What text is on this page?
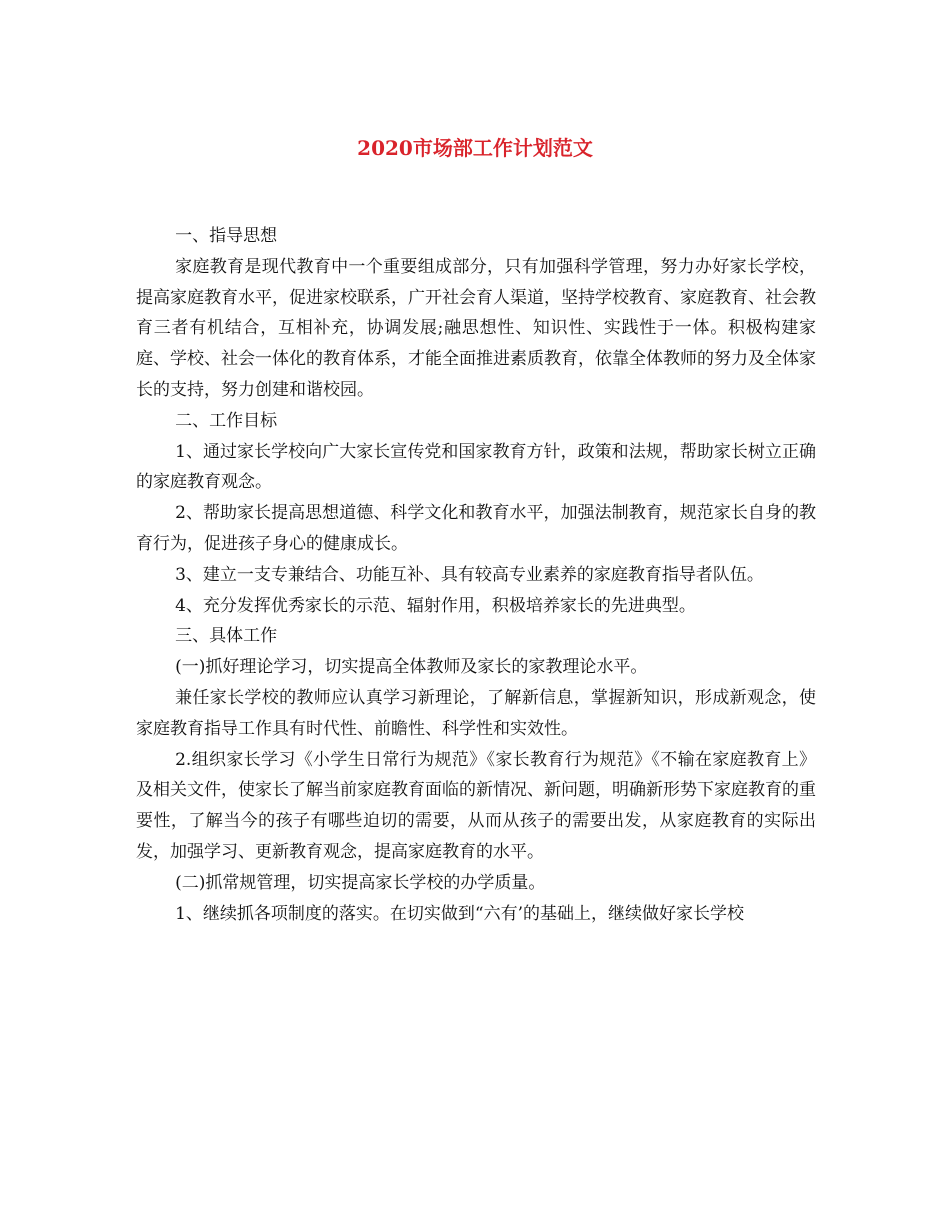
2020市场部工作计划范文

一、指导思想

家庭教育是现代教育中一个重要组成部分，只有加强科学管理，努力办好家长学校，提高家庭教育水平，促进家校联系，广开社会育人渠道，坚持学校教育、家庭教育、社会教育三者有机结合，互相补充，协调发展;融思想性、知识性、实践性于一体。积极构建家庭、学校、社会一体化的教育体系，才能全面推进素质教育，依靠全体教师的努力及全体家长的支持，努力创建和谐校园。

二、工作目标

1、通过家长学校向广大家长宣传党和国家教育方针，政策和法规，帮助家长树立正确的家庭教育观念。

2、帮助家长提高思想道德、科学文化和教育水平，加强法制教育，规范家长自身的教育行为，促进孩子身心的健康成长。

3、建立一支专兼结合、功能互补、具有较高专业素养的家庭教育指导者队伍。

4、充分发挥优秀家长的示范、辐射作用，积极培养家长的先进典型。

三、具体工作

(一)抓好理论学习，切实提高全体教师及家长的家教理论水平。

兼任家长学校的教师应认真学习新理论，了解新信息，掌握新知识，形成新观念，使家庭教育指导工作具有时代性、前瞻性、科学性和实效性。

2.组织家长学习《小学生日常行为规范》《家长教育行为规范》《不输在家庭教育上》及相关文件，使家长了解当前家庭教育面临的新情况、新问题，明确新形势下家庭教育的重要性，了解当今的孩子有哪些迫切的需要，从而从孩子的需要出发，从家庭教育的实际出发，加强学习、更新教育观念，提高家庭教育的水平。

(二)抓常规管理，切实提高家长学校的办学质量。

1、继续抓各项制度的落实。在切实做到“六有’的基础上，继续做好家长学校
